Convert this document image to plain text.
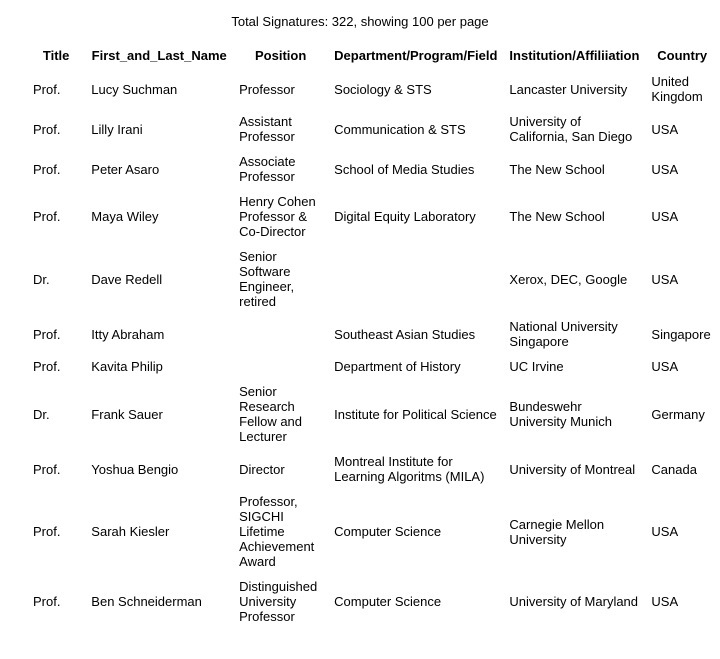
Total Signatures: 322, showing 100 per page
Title	First_and_Last_Name	Position	Department/Program/Field	Institution/Affiliiation	Country
Prof.	Lucy Suchman	Professor	Sociology & STS	Lancaster University	United Kingdom
Prof.	Lilly Irani	Assistant Professor	Communication & STS	University of California, San Diego	USA
Prof.	Peter Asaro	Associate Professor	School of Media Studies	The New School	USA
Prof.	Maya Wiley	Henry Cohen Professor & Co-Director	Digital Equity Laboratory	The New School	USA
Dr.	Dave Redell	Senior Software Engineer, retired		Xerox, DEC, Google	USA
Prof.	Itty Abraham		Southeast Asian Studies	National University Singapore	Singapore
Prof.	Kavita Philip		Department of History	UC Irvine	USA
Dr.	Frank Sauer	Senior Research Fellow and Lecturer	Institute for Political Science	Bundeswehr University Munich	Germany
Prof.	Yoshua Bengio	Director	Montreal Institute for Learning Algoritms (MILA)	University of Montreal	Canada
Prof.	Sarah Kiesler	Professor, SIGCHI Lifetime Achievement Award	Computer Science	Carnegie Mellon University	USA
Prof.	Ben Schneiderman	Distinguished University Professor	Computer Science	University of Maryland	USA
